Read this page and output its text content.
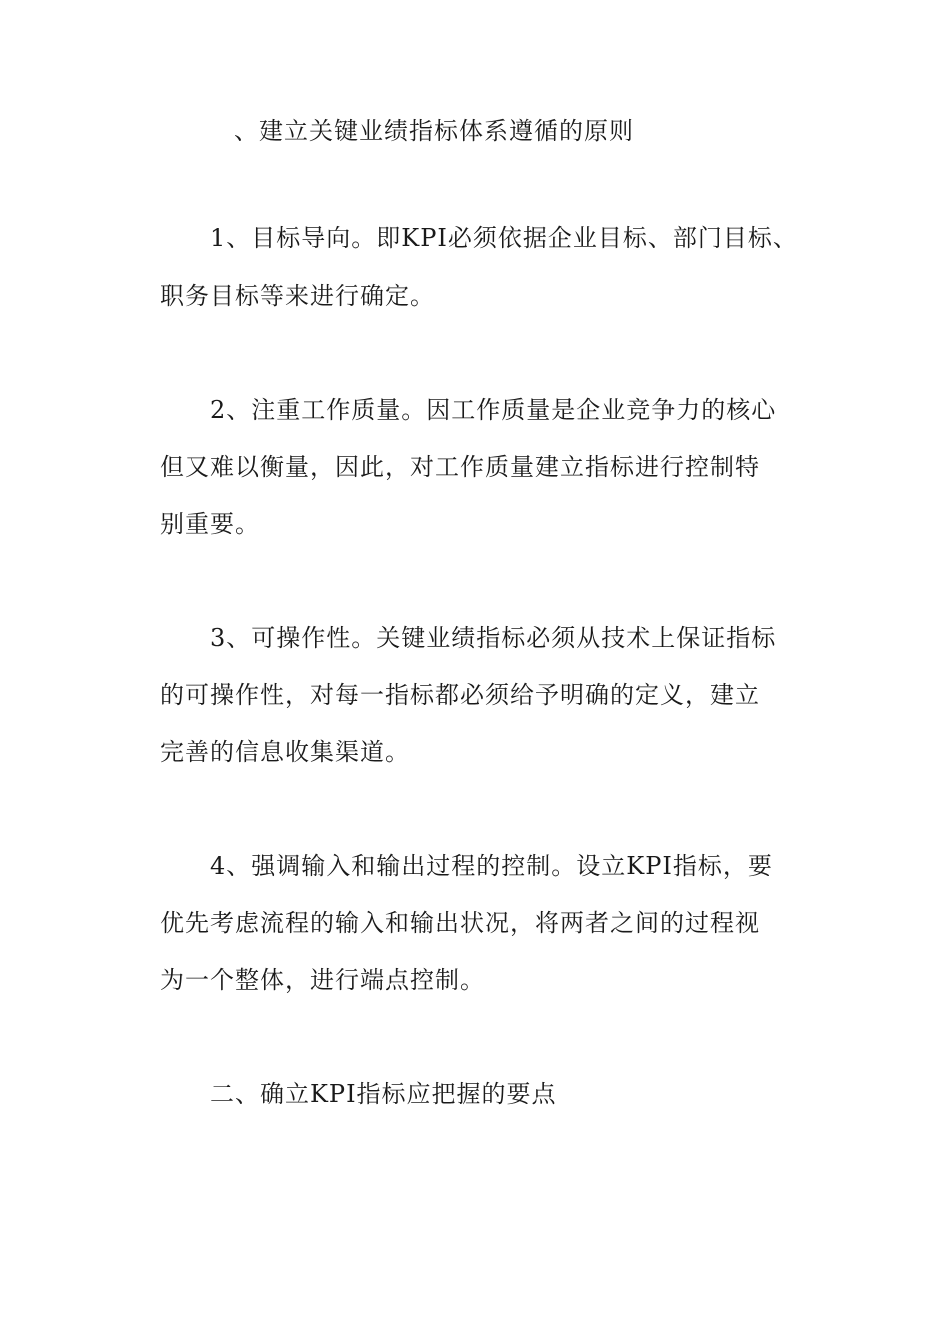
、建立关键业绩指标体系遵循的原则
1、目标导向。即KPI必须依据企业目标、部门目标、
职务目标等来进行确定。
2、注重工作质量。因工作质量是企业竞争力的核心
但又难以衡量，因此，对工作质量建立指标进行控制特
别重要。
3、可操作性。关键业绩指标必须从技术上保证指标
的可操作性，对每一指标都必须给予明确的定义，建立
完善的信息收集渠道。
4、强调输入和输出过程的控制。设立KPI指标，要
优先考虑流程的输入和输出状况，将两者之间的过程视
为一个整体，进行端点控制。
二、确立KPI指标应把握的要点
